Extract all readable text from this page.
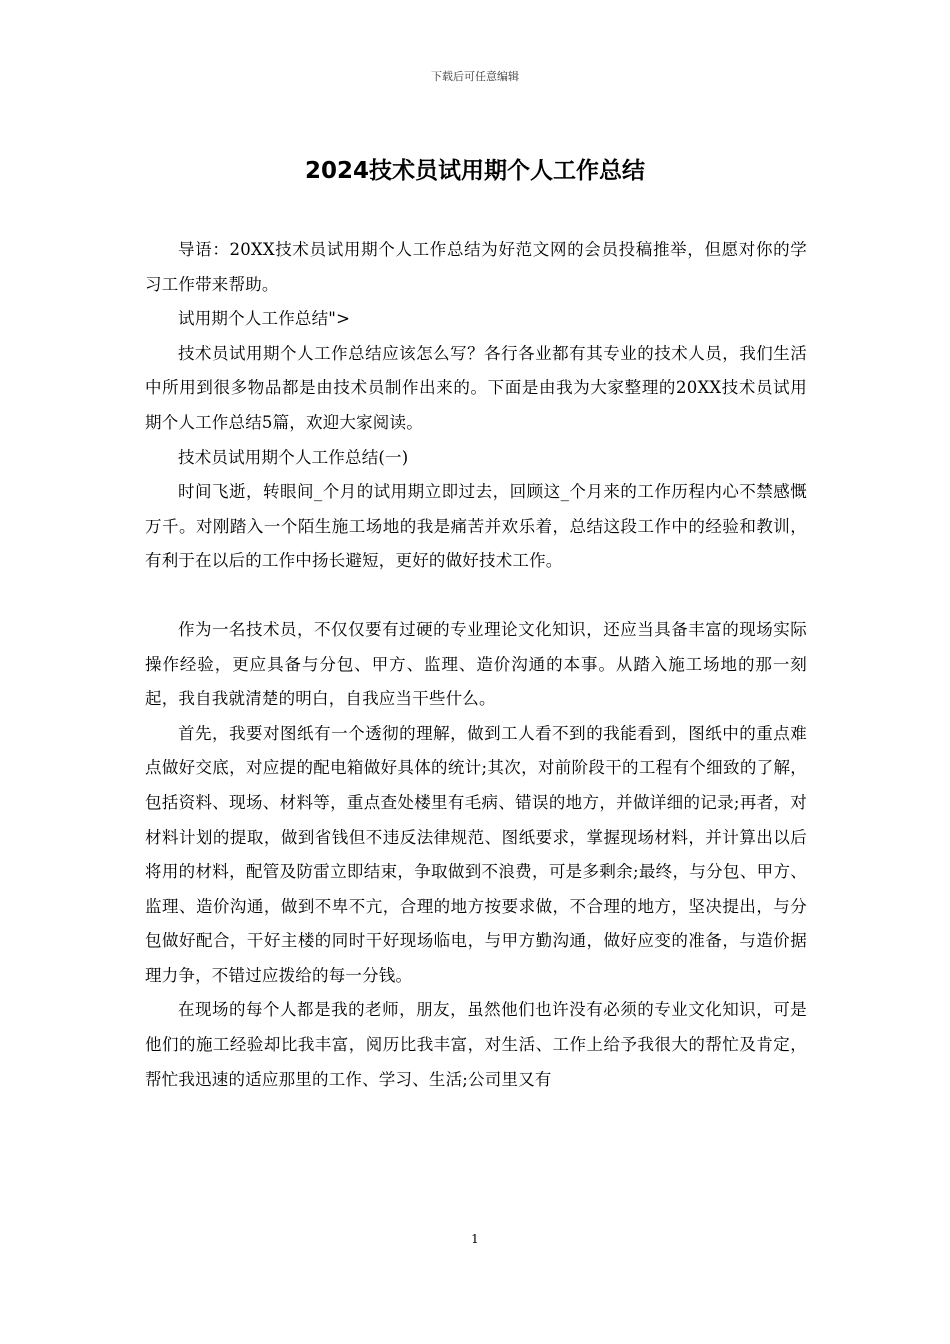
下载后可任意编辑
2024技术员试用期个人工作总结

导语：20XX技术员试用期个人工作总结为好范文网的会员投稿推举，但愿对你的学习工作带来帮助。

试用期个人工作总结">

技术员试用期个人工作总结应该怎么写？各行各业都有其专业的技术人员，我们生活中所用到很多物品都是由技术员制作出来的。下面是由我为大家整理的20XX技术员试用期个人工作总结5篇，欢迎大家阅读。

技术员试用期个人工作总结(一)

时间飞逝，转眼间_个月的试用期立即过去，回顾这_个月来的工作历程内心不禁感慨万千。对刚踏入一个陌生施工场地的我是痛苦并欢乐着，总结这段工作中的经验和教训，有利于在以后的工作中扬长避短，更好的做好技术工作。

作为一名技术员，不仅仅要有过硬的专业理论文化知识，还应当具备丰富的现场实际操作经验，更应具备与分包、甲方、监理、造价沟通的本事。从踏入施工场地的那一刻起，我自我就清楚的明白，自我应当干些什么。

首先，我要对图纸有一个透彻的理解，做到工人看不到的我能看到，图纸中的重点难点做好交底，对应提的配电箱做好具体的统计;其次，对前阶段干的工程有个细致的了解，包括资料、现场、材料等，重点查处楼里有毛病、错误的地方，并做详细的记录;再者，对材料计划的提取，做到省钱但不违反法律规范、图纸要求，掌握现场材料，并计算出以后将用的材料，配管及防雷立即结束，争取做到不浪费，可是多剩余;最终，与分包、甲方、监理、造价沟通，做到不卑不亢，合理的地方按要求做，不合理的地方，坚决提出，与分包做好配合，干好主楼的同时干好现场临电，与甲方勤沟通，做好应变的准备，与造价据理力争，不错过应拨给的每一分钱。

在现场的每个人都是我的老师，朋友，虽然他们也许没有必须的专业文化知识，可是他们的施工经验却比我丰富，阅历比我丰富，对生活、工作上给予我很大的帮忙及肯定，帮忙我迅速的适应那里的工作、学习、生活;公司里又有

1
